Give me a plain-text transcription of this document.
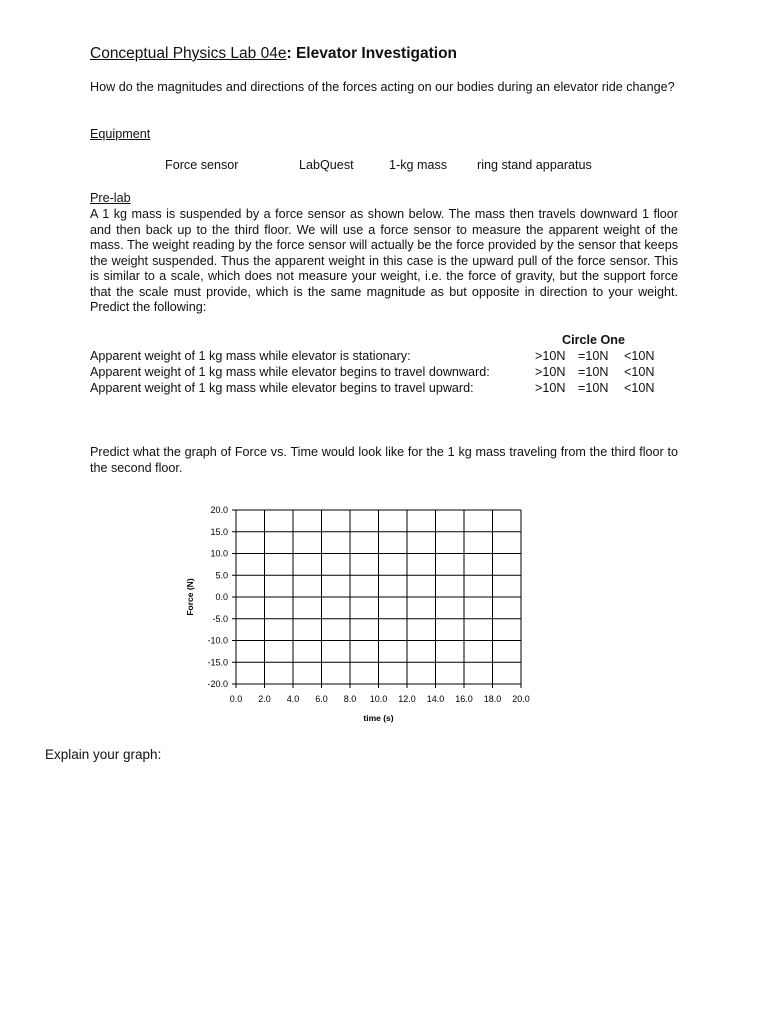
Conceptual Physics Lab 04e: Elevator Investigation
How do the magnitudes and directions of the forces acting on our bodies during an elevator ride change?
Equipment
Force sensor	LabQuest	1-kg mass ring stand apparatus
Pre-lab
A 1 kg mass is suspended by a force sensor as shown below. The mass then travels downward 1 floor and then back up to the third floor. We will use a force sensor to measure the apparent weight of the mass. The weight reading by the force sensor will actually be the force provided by the sensor that keeps the weight suspended. Thus the apparent weight in this case is the upward pull of the force sensor. This is similar to a scale, which does not measure your weight, i.e. the force of gravity, but the support force that the scale must provide, which is the same magnitude as but opposite in direction to your weight. Predict the following:
Circle One
Apparent weight of 1 kg mass while elevator is stationary:	>10N =10N <10N
Apparent weight of 1 kg mass while elevator begins to travel downward:	>10N =10N <10N
Apparent weight of 1 kg mass while elevator begins to travel upward:	>10N =10N <10N
Predict what the graph of Force vs. Time would look like for the 1 kg mass traveling from the third floor to the second floor.
0.0 2.0 4.0 6.0 8.0 10.0 12.0 14.0 16.0 18.0 20.0
20.0
15.0
10.0
5.0
0.0
-5.0
-10.0
-15.0
-20.0
time (s)
Force (N)
Explain your graph:
